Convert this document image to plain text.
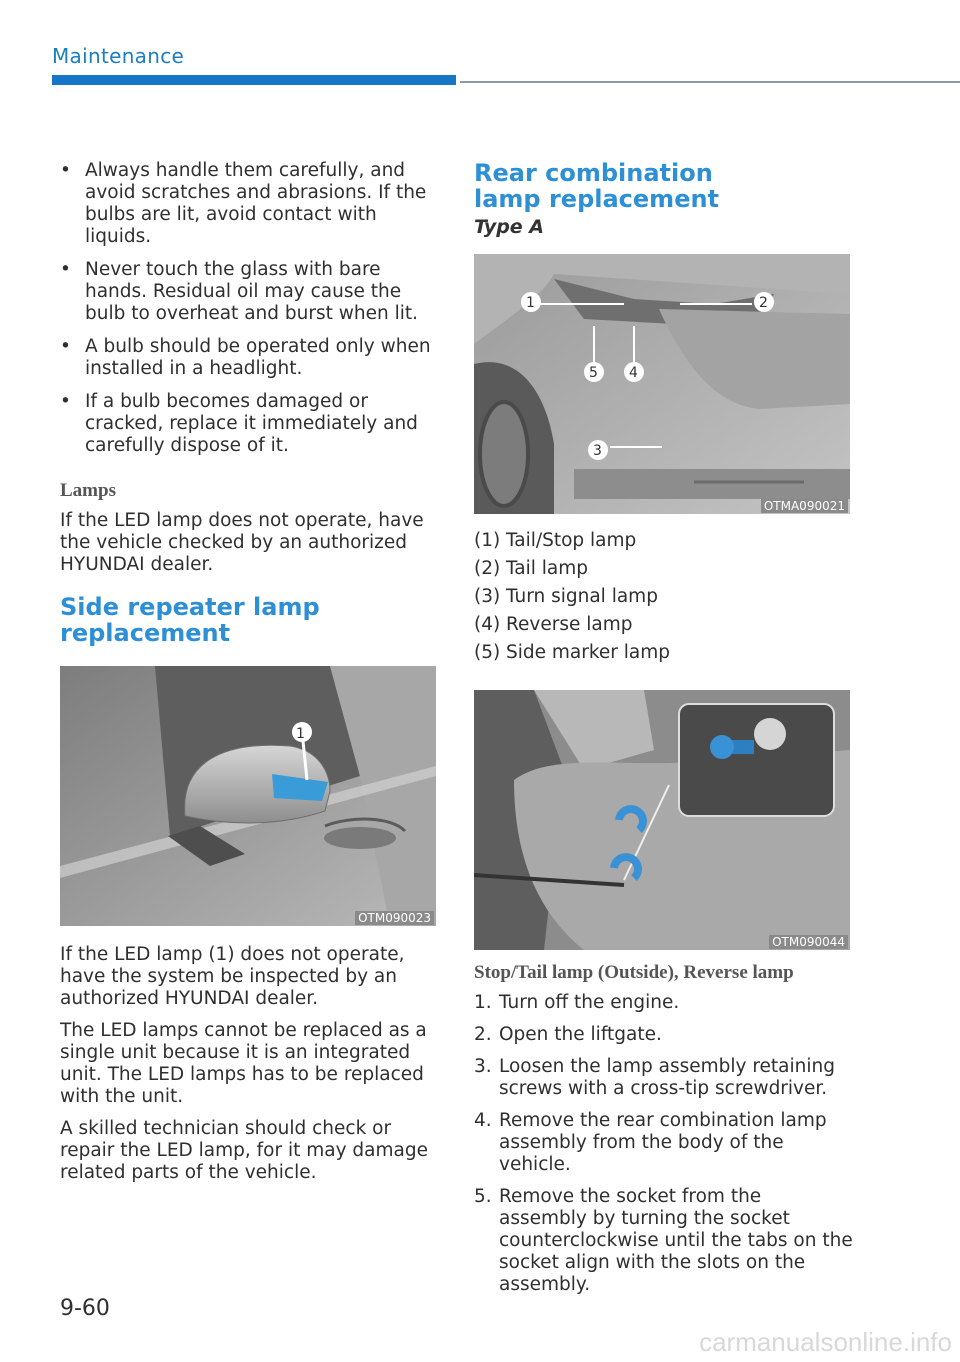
Maintenance
• Always handle them carefully, and avoid scratches and abrasions. If the bulbs are lit, avoid contact with liquids.
• Never touch the glass with bare hands. Residual oil may cause the bulb to overheat and burst when lit.
• A bulb should be operated only when installed in a headlight.
• If a bulb becomes damaged or cracked, replace it immediately and carefully dispose of it.
Lamps

If the LED lamp does not operate, have the vehicle checked by an authorized HYUNDAI dealer.

Side repeater lamp replacement
1
OTM090023

If the LED lamp (1) does not operate, have the system be inspected by an authorized HYUNDAI dealer.

The LED lamps cannot be replaced as a single unit because it is an integrated unit. The LED lamps has to be replaced with the unit.

A skilled technician should check or repair the LED lamp, for it may damage related parts of the vehicle.

Rear combination lamp replacement
Type A
1	2
3
4
5
OTMA090021
(1) Tail/Stop lamp
(2) Tail lamp
(3) Turn signal lamp
(4) Reverse lamp
(5) Side marker lamp
OTM090044
Stop/Tail lamp (Outside), Reverse lamp
1. Turn off the engine.
2. Open the liftgate.
3. Loosen the lamp assembly retaining screws with a cross-tip screwdriver.
4. Remove the rear combination lamp assembly from the body of the vehicle.
5. Remove the socket from the assembly by turning the socket counterclockwise until the tabs on the socket align with the slots on the assembly.
9-60
carmanualsonline.info
